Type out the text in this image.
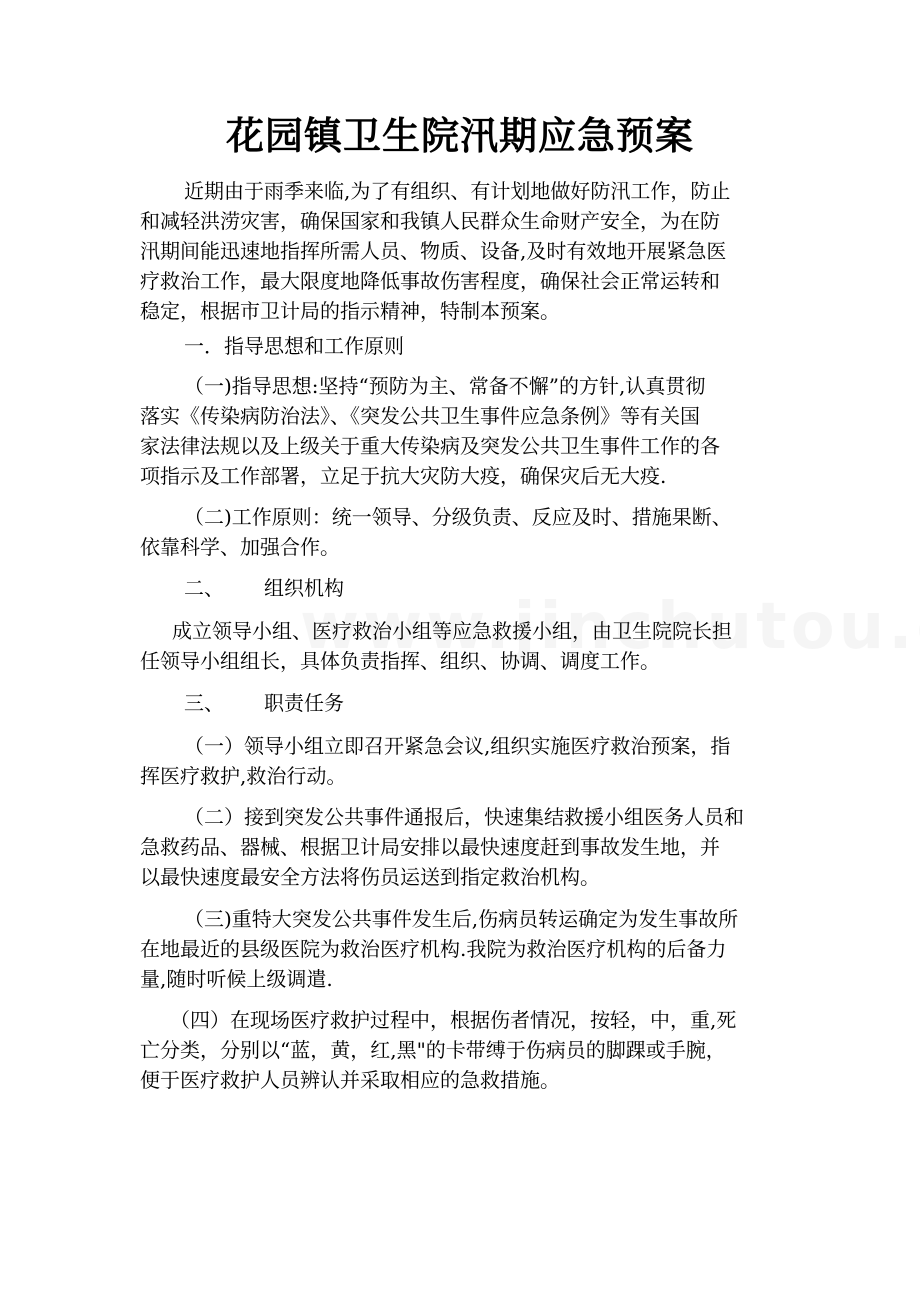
花园镇卫生院汛期应急预案

近期由于雨季来临,为了有组织、有计划地做好防汛工作，防止
和减轻洪涝灾害，确保国家和我镇人民群众生命财产安全，为在防
汛期间能迅速地指挥所需人员、物质、设备,及时有效地开展紧急医
疗救治工作，最大限度地降低事故伤害程度，确保社会正常运转和
稳定，根据市卫计局的指示精神，特制本预案。

一．指导思想和工作原则

（一)指导思想:坚持“预防为主、常备不懈”的方针,认真贯彻
落实《传染病防治法》、《突发公共卫生事件应急条例》等有关国
家法律法规以及上级关于重大传染病及突发公共卫生事件工作的各
项指示及工作部署，立足于抗大灾防大疫，确保灾后无大疫.

（二)工作原则：统一领导、分级负责、反应及时、措施果断、
依靠科学、加强合作。

二、 组织机构

成立领导小组、医疗救治小组等应急救援小组，由卫生院院长担
任领导小组组长，具体负责指挥、组织、协调、调度工作。

三、 职责任务

（一）领导小组立即召开紧急会议,组织实施医疗救治预案，指
挥医疗救护,救治行动。

（二）接到突发公共事件通报后，快速集结救援小组医务人员和
急救药品、器械、根据卫计局安排以最快速度赶到事故发生地，并
以最快速度最安全方法将伤员运送到指定救治机构。

（三)重特大突发公共事件发生后,伤病员转运确定为发生事故所
在地最近的县级医院为救治医疗机构.我院为救治医疗机构的后备力
量,随时听候上级调遣.

（四）在现场医疗救护过程中，根据伤者情况，按轻，中，重,死
亡分类，分别以“蓝，黄，红,黑"的卡带缚于伤病员的脚踝或手腕，
便于医疗救护人员辨认并采取相应的急救措施。
